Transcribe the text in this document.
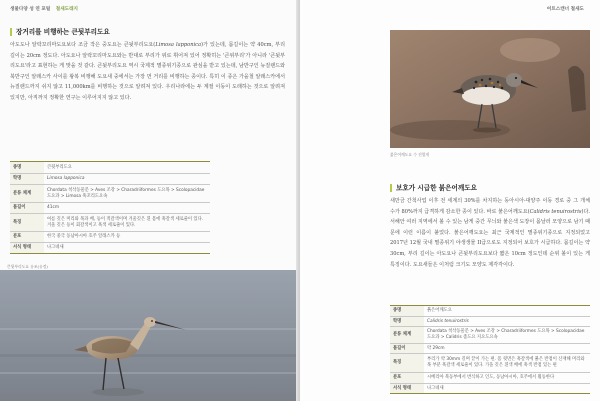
생물다양 성 연 포털 철새도래지
장거리를 비행하는 큰뒷부리도요
아도도나 알락꼬리마도요보다 조금 작은 중도요는 큰뒷부리도요(Limosa lapponica)가 있는데, 몸길이는 약 40cm, 부리 길이는 20cm 정도다. 아도요나 알락꼬리마도요와는 반대로 부리가 위로 휘어져 있어 정확히는 '큰위부리'가 아니라 '큰뒷부리도요'라고 표현하는 게 맞을 것 같다. 큰뒷부리도요 역시 국제적 멸종위기종으로 관심을 받고 있는데, 남반구인 뉴질랜드와 북반구인 알래스카 사이를 왕복 비행해 도요새 중에서는 가장 먼 거리를 비행하는 종이다. 특히 이 종은 가을철 알래스카에서 뉴질랜드까지 쉬지 않고 11,000km를 비행하는 것으로 알려져 있다. 우리나라에는 두 계절 이동이 도래하는 것으로 알려져 있지만, 아직까지 정확한 연구는 이루어지지 않고 있다.
종명	큰뒷부리도요
학명	Limosa lapponica
분류 체계	Chordata 척삭동물문 > Aves 조강 > Charadriiformes 도요목 > Scolopacidae 도요과 > Limosa 흑꼬리도요속
몸길이	41cm
특징	여름 깃은 머리와 목과 배, 등이 적갈색이며 겨울깃은 흰 몸에 흑갈색 세로줄이 있다. 겨울 깃은 등이 회갈색이고 흑색 세로줄이 있다.
분포	한국 중국 동남아시아 호주 알래스카 등
서식 형태	나그네새
큰뒷부리도요 유조(유정)
어트스캔너 철새도
붉은어깨도요 수 진열개
보호가 시급한 붉은어깨도요
새만금 간척사업 이후 전 세계의 30%를 차지하는 동아시아-대양주 이동 경로 중 그 개체 수가 80%까지 급격하게 감소한 종이 있다. 바로 붉은어깨도요(Calidris tenuirostris)다. 서해안 여러 지역에서 볼 수 있는 남게 중간 무늬와 붉은색 도장이 몸날러 모양으로 남기 때문에 이런 이름이 붙었다. 붉은어깨도요는 최근 국제적인 멸종위기종으로 지정되었고 2017년 12월 국내 멸종위기 야생생물 II급으로도 지정되어 보호가 시급하다. 몸길이는 약 30cm, 부리 길이는 아도요나 큰뒷부리도요보다 짧은 10cm 정도인데 순위 볼이 있는 게 특징이다. 도요새들은 이처럼 크기도 모양도 제각각이다.
종명	붉은어깨도요
학명	Calidris tenuirostris
분류 체계	Chordata 척삭동물문 > Aves 조강 > Charadriiformes 도요목 > Scolopacidae 도요과 > Calidris 좀도요 지요도요속
몸길이	약 29cm
특징	부리가 약 30mm 길며 끝이 가는 편. 몸 윗면은 흑갈색에 붉은 반점이 산재해 머리와 목 부분 흑갈색 세로줄이 있다. 가을 깃은 흰색 배에 흑색 반점 있는 편
분포	시베리아 북동부에서 번식하고 인도, 동남아시아, 호주에서 월동한다
서식 형태	나그네새
